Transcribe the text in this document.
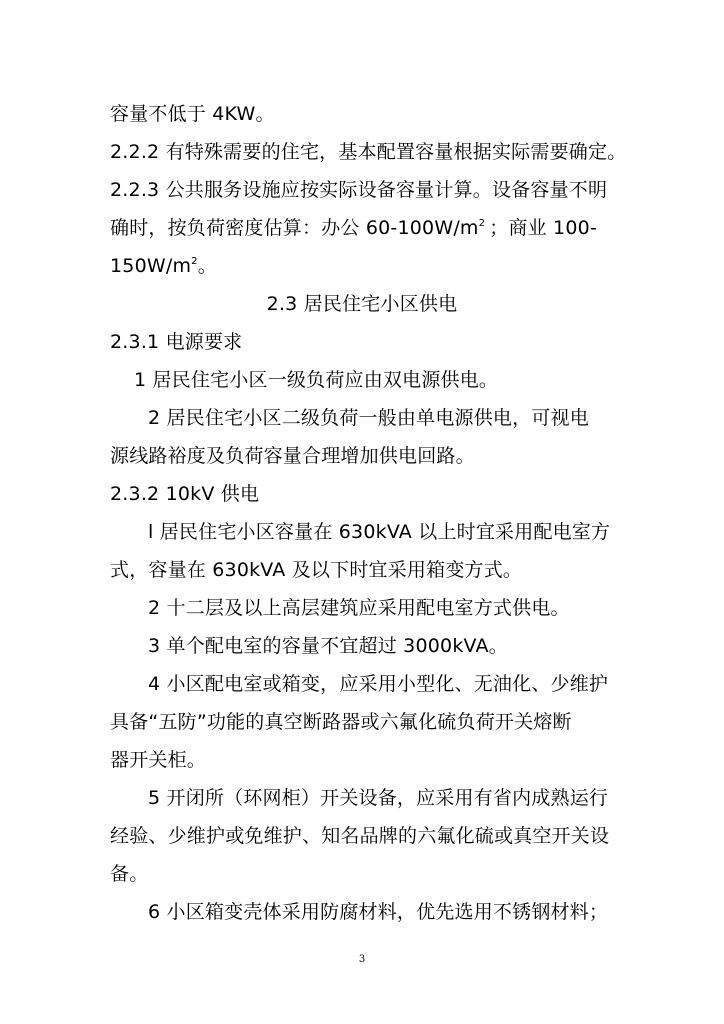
容量不低于 4KW。
2.2.2 有特殊需要的住宅，基本配置容量根据实际需要确定。
2.2.3 公共服务设施应按实际设备容量计算。设备容量不明
确时，按负荷密度估算：办公 $60-100W/m^2$ ；商业 100-
$150W/m^2$。
2.3 居民住宅小区供电
2.3.1 电源要求
1 居民住宅小区一级负荷应由双电源供电。
2 居民住宅小区二级负荷一般由单电源供电，可视电
源线路裕度及负荷容量合理增加供电回路。
2.3.2 10kV 供电
l 居民住宅小区容量在 630kVA 以上时宜采用配电室方
式，容量在 630kVA 及以下时宜采用箱变方式。
2 十二层及以上高层建筑应采用配电室方式供电。
3 单个配电室的容量不宜超过 3000kVA。
4 小区配电室或箱变，应采用小型化、无油化、少维护
具备“五防”功能的真空断路器或六氟化硫负荷开关熔断
器开关柜。
5 开闭所（环网柜）开关设备，应采用有省内成熟运行
经验、少维护或免维护、知名品牌的六氟化硫或真空开关设
备。
6 小区箱变壳体采用防腐材料，优先选用不锈钢材料；
3
